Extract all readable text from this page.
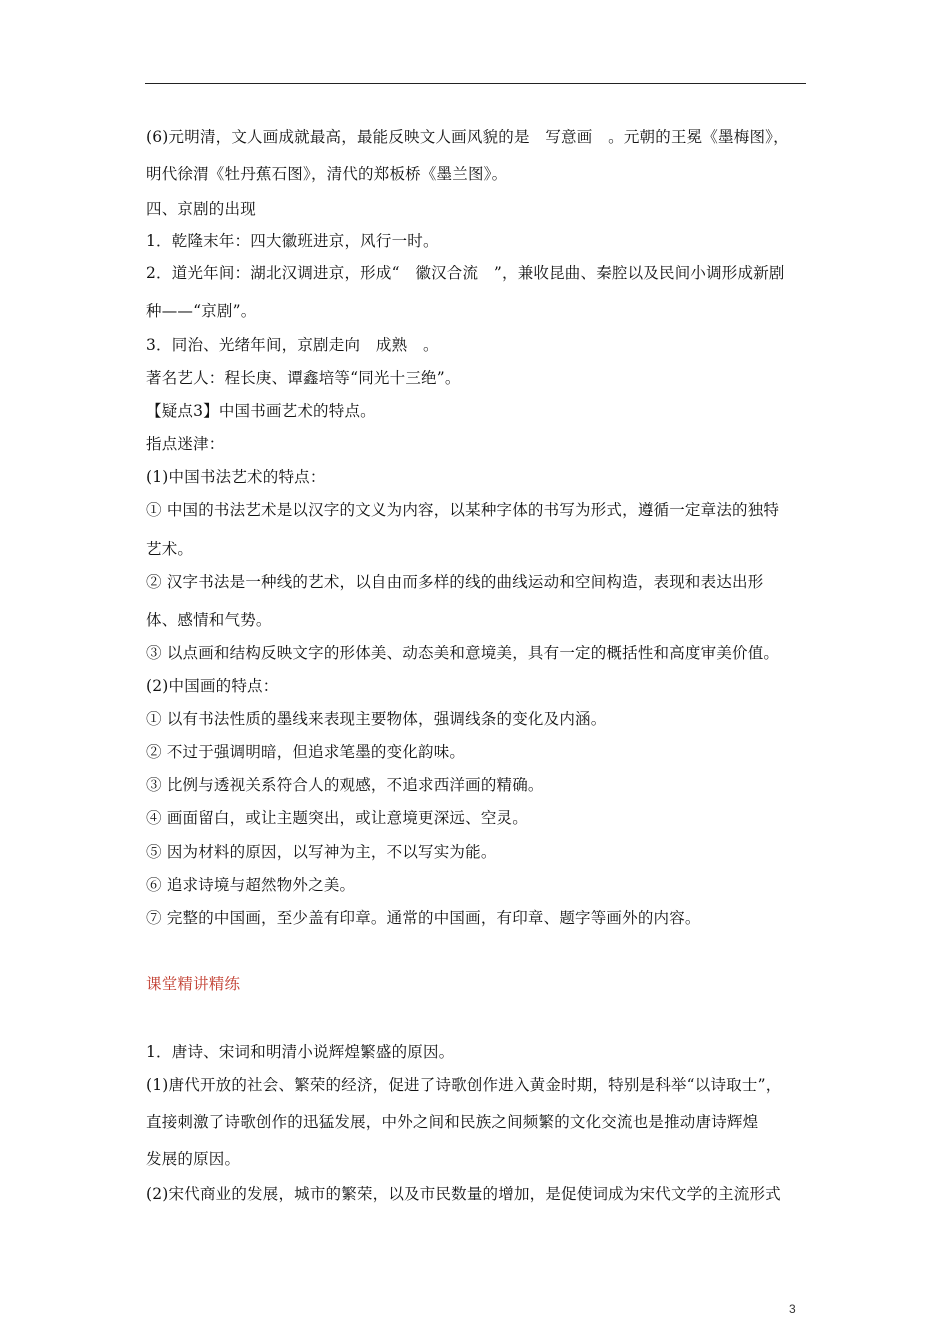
(6)元明清，文人画成就最高，最能反映文人画风貌的是　写意画　。元朝的王冕《墨梅图》，
明代徐渭《牡丹蕉石图》，清代的郑板桥《墨兰图》。
四、京剧的出现
1．乾隆末年：四大徽班进京，风行一时。
2．道光年间：湖北汉调进京，形成“　徽汉合流　”，兼收昆曲、秦腔以及民间小调形成新剧
种——“京剧”。
3．同治、光绪年间，京剧走向　成熟　。
著名艺人：程长庚、谭鑫培等“同光十三绝”。
【疑点3】中国书画艺术的特点。
指点迷津：
(1)中国书法艺术的特点：
① 中国的书法艺术是以汉字的文义为内容，以某种字体的书写为形式，遵循一定章法的独特
艺术。
② 汉字书法是一种线的艺术，以自由而多样的线的曲线运动和空间构造，表现和表达出形
体、感情和气势。
③ 以点画和结构反映文字的形体美、动态美和意境美，具有一定的概括性和高度审美价值。
(2)中国画的特点：
① 以有书法性质的墨线来表现主要物体，强调线条的变化及内涵。
② 不过于强调明暗，但追求笔墨的变化韵味。
③ 比例与透视关系符合人的观感，不追求西洋画的精确。
④ 画面留白，或让主题突出，或让意境更深远、空灵。
⑤ 因为材料的原因，以写神为主，不以写实为能。
⑥ 追求诗境与超然物外之美。
⑦ 完整的中国画，至少盖有印章。通常的中国画，有印章、题字等画外的内容。
课堂精讲精练
1．唐诗、宋词和明清小说辉煌繁盛的原因。
(1)唐代开放的社会、繁荣的经济，促进了诗歌创作进入黄金时期，特别是科举“以诗取士”，
直接刺激了诗歌创作的迅猛发展，中外之间和民族之间频繁的文化交流也是推动唐诗辉煌
发展的原因。
(2)宋代商业的发展，城市的繁荣，以及市民数量的增加，是促使词成为宋代文学的主流形式
3
